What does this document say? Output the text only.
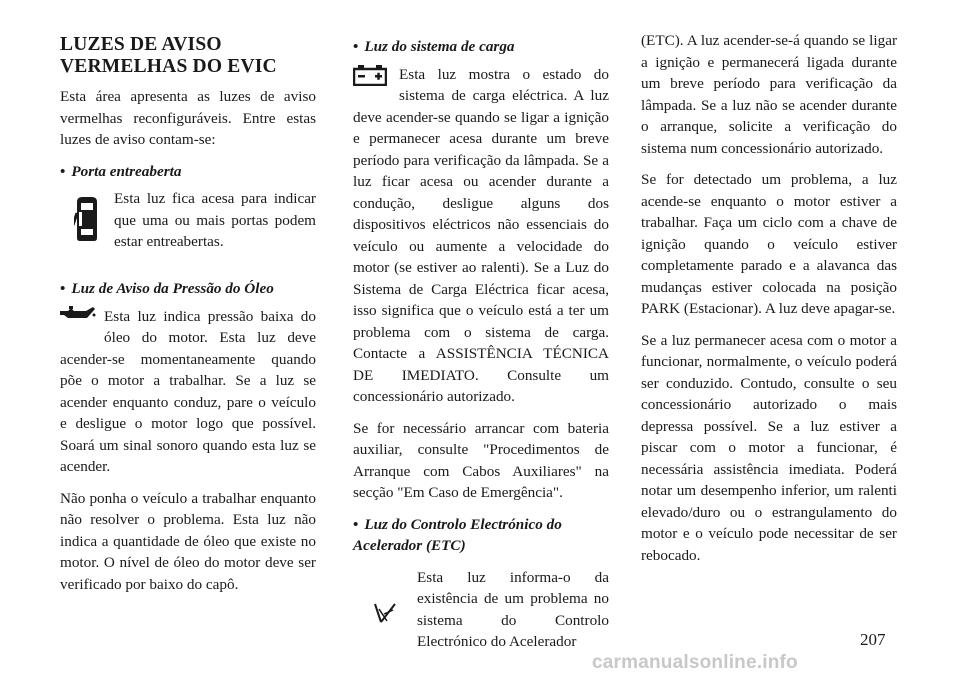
LUZES DE AVISO
VERMELHAS DO EVIC

Esta área apresenta as luzes de aviso vermelhas reconfiguráveis. Entre estas luzes de aviso contam-se:

• Porta entreaberta
Esta luz fica acesa para indicar que uma ou mais portas podem estar entreabertas.
• Luz de Aviso da Pressão do Óleo
Esta luz indica pressão baixa do óleo do motor. Esta luz deve acender-se momentaneamente quando põe o motor a trabalhar. Se a luz se acender enquanto conduz, pare o veículo e desligue o motor logo que possível. Soará um sinal sonoro quando esta luz se acender.

Não ponha o veículo a trabalhar enquanto não resolver o problema. Esta luz não indica a quantidade de óleo que existe no motor. O nível de óleo do motor deve ser verificado por baixo do capô.

• Luz do sistema de carga
Esta luz mostra o estado do sistema de carga eléctrica. A luz deve acender-se quando se ligar a ignição e permanecer acesa durante um breve período para verificação da lâmpada. Se a luz ficar acesa ou acender durante a condução, desligue alguns dos dispositivos eléctricos não essenciais do veículo ou aumente a velocidade do motor (se estiver ao ralenti). Se a Luz do Sistema de Carga Eléctrica ficar acesa, isso significa que o veículo está a ter um problema com o sistema de carga. Contacte a ASSISTÊNCIA TÉCNICA DE IMEDIATO. Consulte um concessionário autorizado.

Se for necessário arrancar com bateria auxiliar, consulte "Procedimentos de Arranque com Cabos Auxiliares" na secção "Em Caso de Emergência".

• Luz do Controlo Electrónico do
Acelerador (ETC)
Esta luz informa-o da existência de um problema no sistema do Controlo Electrónico do Acelerador

(ETC). A luz acender-se-á quando se ligar a ignição e permanecerá ligada durante um breve período para verificação da lâmpada. Se a luz não se acender durante o arranque, solicite a verificação do sistema num concessionário autorizado.

Se for detectado um problema, a luz acende-se enquanto o motor estiver a trabalhar. Faça um ciclo com a chave de ignição quando o veículo estiver completamente parado e a alavanca das mudanças estiver colocada na posição PARK (Estacionar). A luz deve apagar-se.

Se a luz permanecer acesa com o motor a funcionar, normalmente, o veículo poderá ser conduzido. Contudo, consulte o seu concessionário autorizado o mais depressa possível. Se a luz estiver a piscar com o motor a funcionar, é necessária assistência imediata. Poderá notar um desempenho inferior, um ralenti elevado/duro ou o estrangulamento do motor e o veículo pode necessitar de ser rebocado.

207
carmanualsonline.info
